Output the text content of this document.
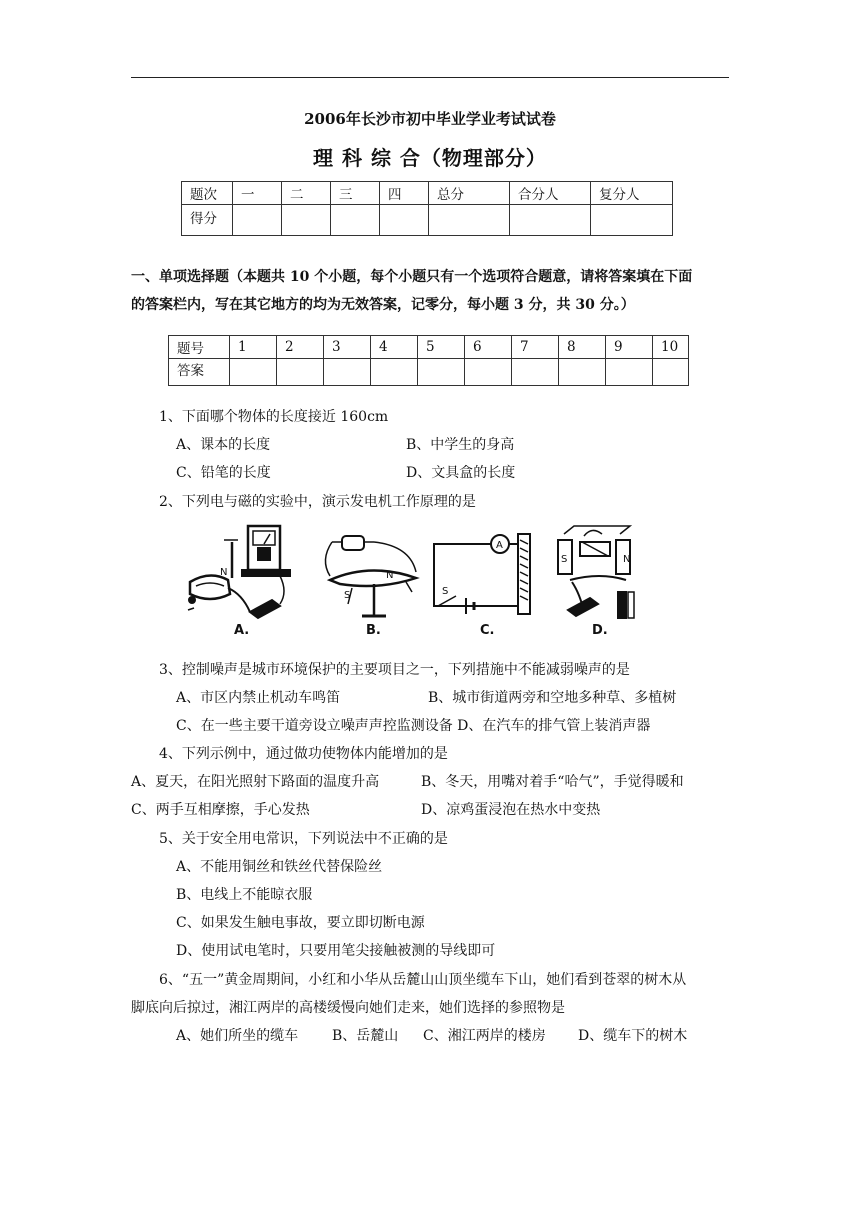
2006年长沙市初中毕业学业考试试卷
理 科 综 合（物理部分）
题次	一	二	三	四	总分	合分人	复分人
得分							
一、单项选择题（本题共 10 个小题，每个小题只有一个选项符合题意，请将答案填在下面
的答案栏内，写在其它地方的均为无效答案，记零分，每小题 3 分，共 30 分。）
题号	1	2	3	4	5	6	7	8	9	10
答案										
1、下面哪个物体的长度接近 160cm
A、课本的长度	B、中学生的身高
C、铅笔的长度	D、文具盒的长度
2、下列电与磁的实验中，演示发电机工作原理的是
N	N
N
S	S
S
A
A.	B.	C.	D.
3、控制噪声是城市环境保护的主要项目之一，下列措施中不能减弱噪声的是
A、市区内禁止机动车鸣笛	B、城市街道两旁和空地多种草、多植树
C、在一些主要干道旁设立噪声声控监测设备 D、在汽车的排气管上装消声器
4、下列示例中，通过做功使物体内能增加的是
A、夏天，在阳光照射下路面的温度升高	B、冬天，用嘴对着手“哈气”，手觉得暖和
C、两手互相摩擦，手心发热	D、凉鸡蛋浸泡在热水中变热
5、关于安全用电常识，下列说法中不正确的是
A、不能用铜丝和铁丝代替保险丝
B、电线上不能晾衣服
C、如果发生触电事故，要立即切断电源
D、使用试电笔时，只要用笔尖接触被测的导线即可
6、“五一”黄金周期间，小红和小华从岳麓山山顶坐缆车下山，她们看到苍翠的树木从
脚底向后掠过，湘江两岸的高楼缓慢向她们走来，她们选择的参照物是
A、她们所坐的缆车 B、岳麓山 C、湘江两岸的楼房 D、缆车下的树木
